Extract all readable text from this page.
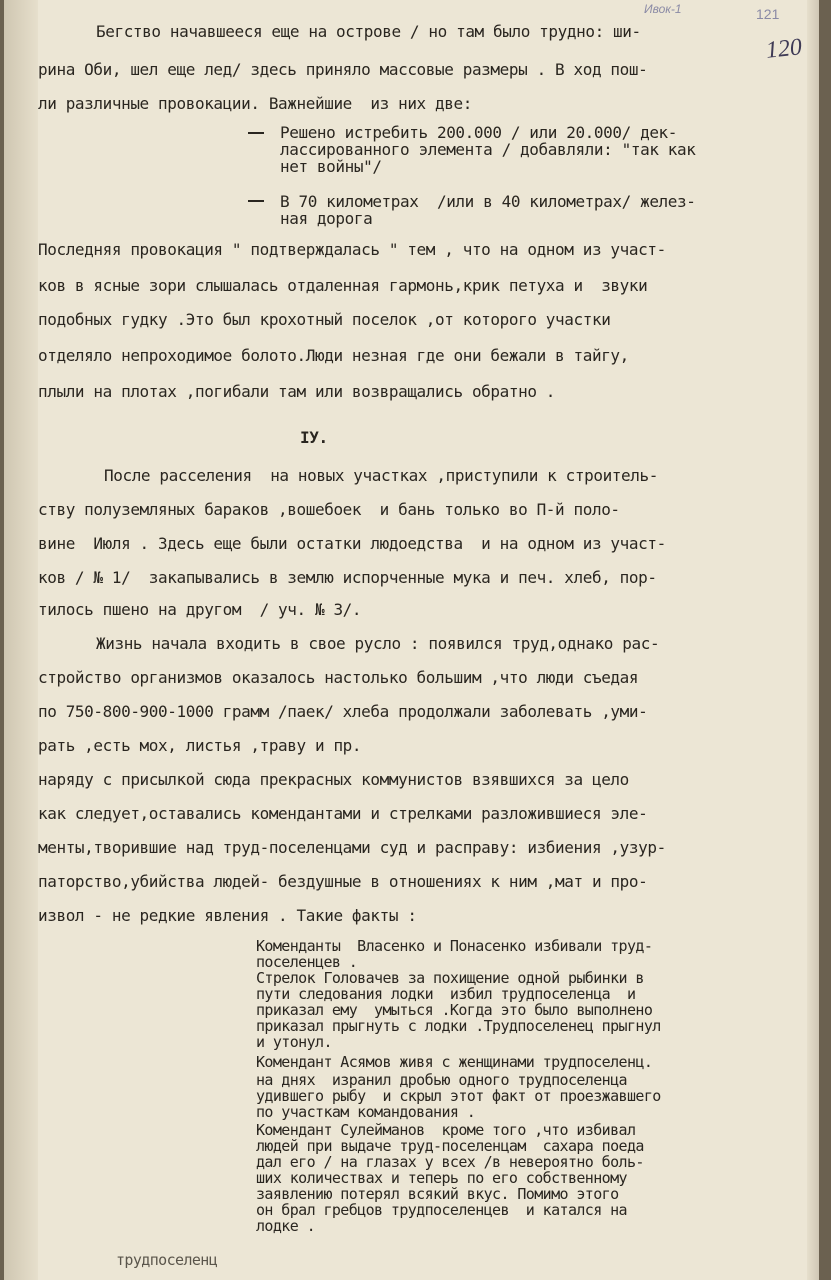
Ивок-1	121
120
Бегство начавшееся еще на острове / но там было трудно: ши-
рина Оби, шел еще лед/ здесь приняло массовые размеры . В ход пош-
ли различные провокации. Важнейшие  из них две:
Решено истребить 200.000 / или 20.000/ дек-
лассированного элемента / добавляли: "так как
нет войны"/
В 70 километрах  /или в 40 километрах/ желез-
ная дорога
Последняя провокация " подтверждалась " тем , что на одном из участ-
ков в ясные зори слышалась отдаленная гармонь,крик петуха и  звуки
подобных гудку .Это был крохотный поселок ,от которого участки
отделяло непроходимое болото.Люди незная где они бежали в тайгу,
плыли на плотах ,погибали там или возвращались обратно .
IУ.
После расселения  на новых участках ,приступили к строитель-
ству полуземляных бараков ,вошебоек  и бань только во П-й поло-
вине  Июля . Здесь еще были остатки людоедства  и на одном из участ-
ков / № 1/  закапывались в землю испорченные мука и печ. хлеб, пор-
тилось пшено на другом  / уч. № 3/.
Жизнь начала входить в свое русло : появился труд,однако рас-
стройство организмов оказалось настолько большим ,что люди съедая
по 750-800-900-1000 грамм /паек/ хлеба продолжали заболевать ,уми-
рать ,есть мох, листья ,траву и пр.
наряду с присылкой сюда прекрасных коммунистов взявшихся за цело
как следует,оставались комендантами и стрелками разложившиеся эле-
менты,творившие над труд-поселенцами суд и расправу: избиения ,узур-
паторство,убийства людей- бездушные в отношениях к ним ,мат и про-
извол - не редкие явления . Такие факты :
Коменданты  Власенко и Понасенко избивали труд-
поселенцев .
Стрелок Головачев за похищение одной рыбинки в
пути следования лодки  избил трудпоселенца  и
приказал ему  умыться .Когда это было выполнено
приказал прыгнуть с лодки .Трудпоселенец прыгнул
и утонул.
Комендант Асямов живя с женщинами трудпоселенц.
на днях  изранил дробью одного трудпоселенца
удившего рыбу  и скрыл этот факт от проезжавшего
по участкам командования .
Комендант Сулейманов  кроме того ,что избивал
людей при выдаче труд-поселенцам  сахара поеда
дал его / на глазах у всех /в невероятно боль-
ших количествах и теперь по его собственному
заявлению потерял всякий вкус. Помимо этого
он брал гребцов трудпоселенцев  и катался на
лодке .
трудпоселенц
